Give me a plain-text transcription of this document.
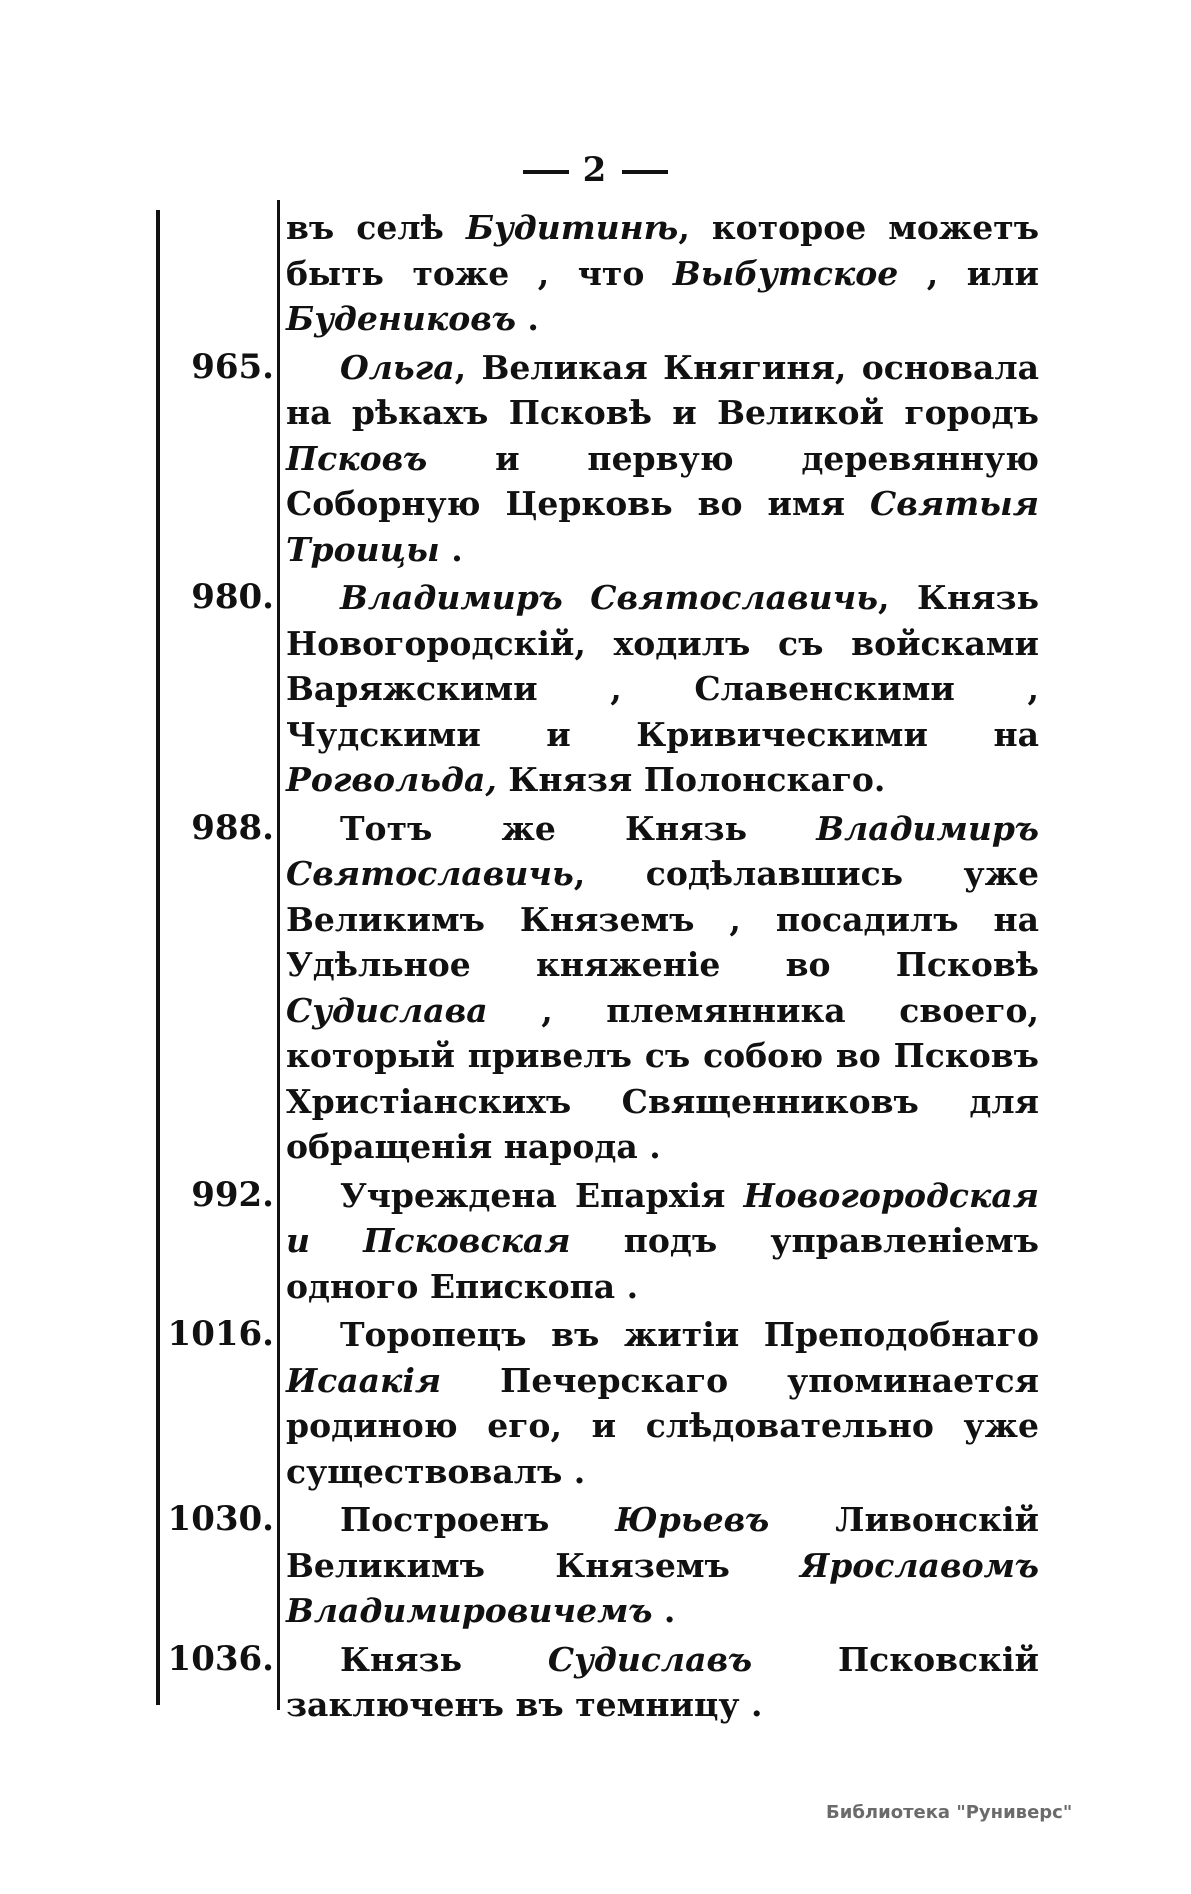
2
въ селѣ Будитинѣ, которое можетъ быть тоже , что Выбутское , или Будениковъ .
965.	Ольга, Великая Княгиня, основала на рѣкахъ Псковѣ и Великой городъ Псковъ и первую деревянную Соборную Церковь во имя Святыя Троицы .
980.	Владимиръ Святославичь, Князь Новогородскій, ходилъ съ войсками Варяжскими , Славенскими , Чудскими и Кривическими на Рогвольда, Князя Полонскаго.
988.	Тотъ же Князь Владимиръ Святославичь, содѣлавшись уже Великимъ Княземъ , посадилъ на Удѣльное княженіе во Псковѣ Судислава , племянника своего, который привелъ съ собою во Псковъ Христіанскихъ Священниковъ для обращенія народа .
992.	Учреждена Епархія Новогородская и Псковская подъ управленіемъ одного Епископа .
1016.	Торопецъ въ житіи Преподобнаго Исаакія Печерскаго упоминается родиною его, и слѣдовательно уже существовалъ .
1030.	Построенъ Юрьевъ Ливонскій Великимъ Княземъ Ярославомъ Владимировичемъ .
1036.	Князь Судиславъ Псковскій заключенъ въ темницу .
Библиотека "Руниверс"
